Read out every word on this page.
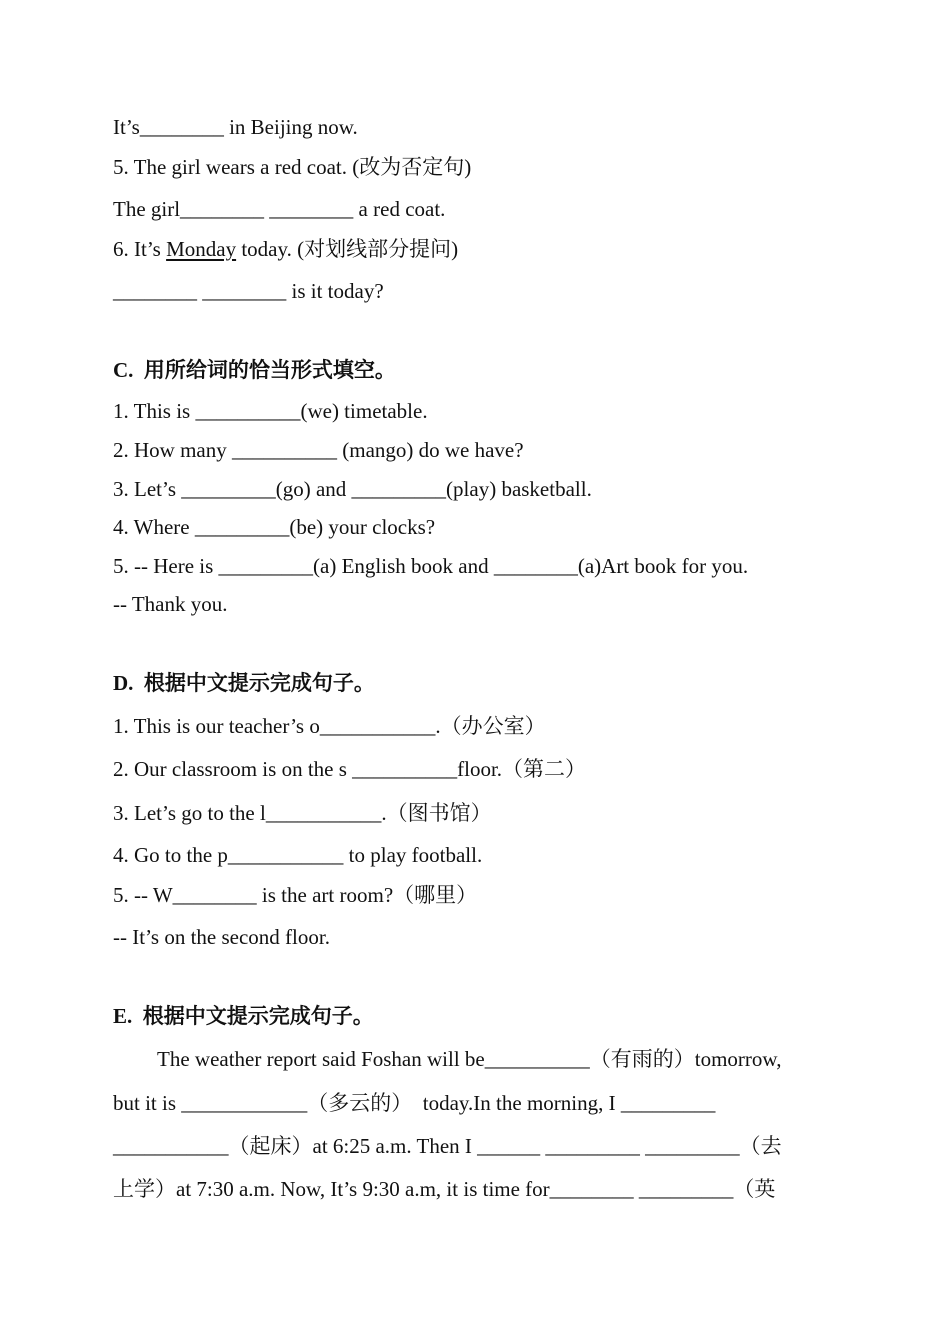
It’s________ in Beijing now.
5. The girl wears a red coat. (改为否定句)
The girl________ ________ a red coat.
6. It’s Monday today. (对划线部分提问)
________ ________ is it today?
C.  用所给词的恰当形式填空。
1. This is __________(we) timetable.
2. How many __________ (mango) do we have?
3. Let’s _________(go) and _________(play) basketball.
4. Where _________(be) your clocks?
5. -- Here is _________(a) English book and ________(a)Art book for you.
-- Thank you.
D.  根据中文提示完成句子。
1. This is our teacher’s o___________.（办公室）
2. Our classroom is on the s __________floor.（第二）
3. Let’s go to the l___________.（图书馆）
4. Go to the p___________ to play football.
5. -- W________ is the art room?（哪里）
-- It’s on the second floor.
E.  根据中文提示完成句子。
The weather report said Foshan will be__________（有雨的）tomorrow,
but it is ____________（多云的）  today.In the morning, I _________
___________（起床）at 6:25 a.m. Then I ______ _________ _________（去
上学）at 7:30 a.m. Now, It’s 9:30 a.m, it is time for________ _________（英
